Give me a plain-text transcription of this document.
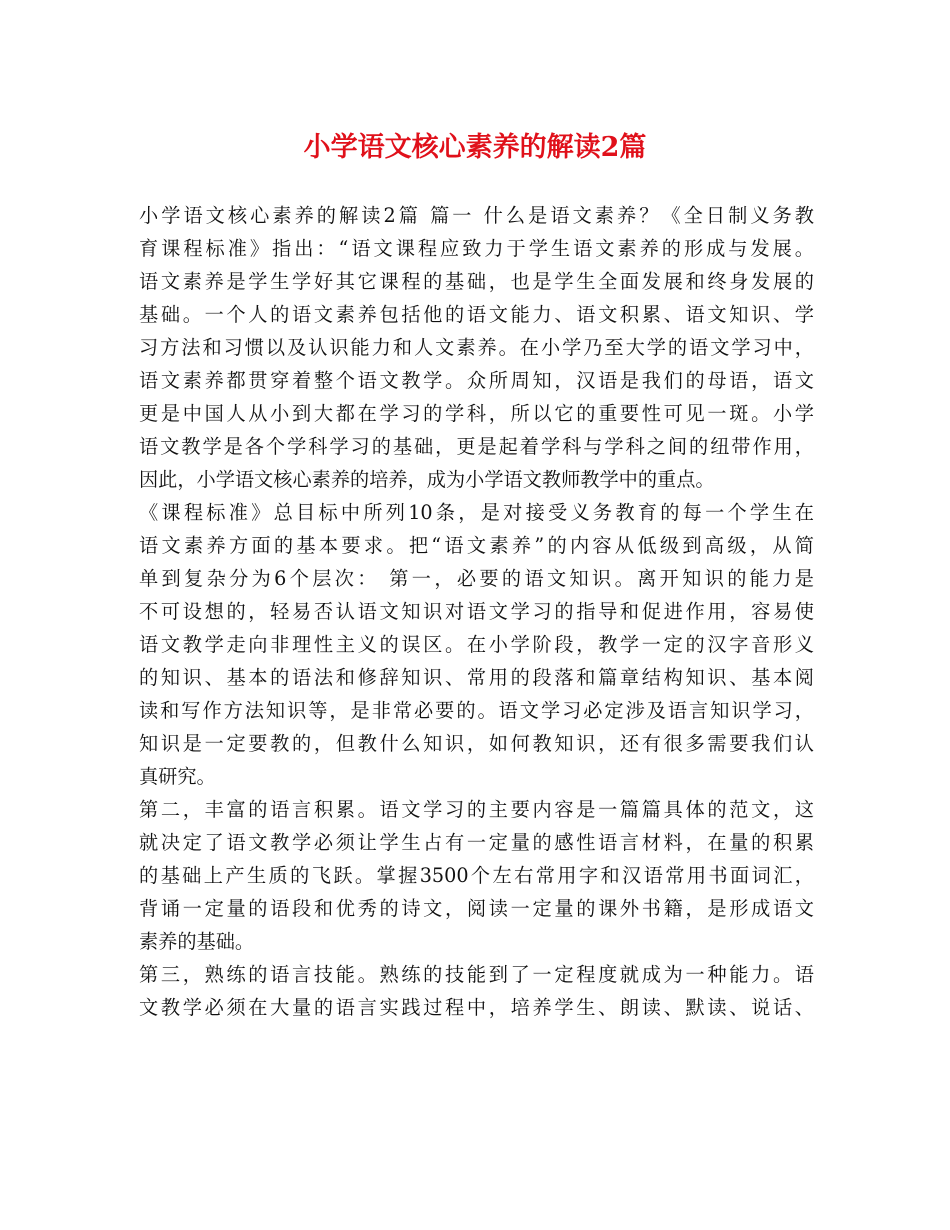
小学语文核心素养的解读2篇
小学语文核心素养的解读2篇 篇一 什么是语文素养？《全日制义务教
育课程标准》指出：“语文课程应致力于学生语文素养的形成与发展。
语文素养是学生学好其它课程的基础，也是学生全面发展和终身发展的
基础。一个人的语文素养包括他的语文能力、语文积累、语文知识、学
习方法和习惯以及认识能力和人文素养。在小学乃至大学的语文学习中，
语文素养都贯穿着整个语文教学。众所周知，汉语是我们的母语，语文
更是中国人从小到大都在学习的学科，所以它的重要性可见一斑。小学
语文教学是各个学科学习的基础，更是起着学科与学科之间的纽带作用，
因此，小学语文核心素养的培养，成为小学语文教师教学中的重点。
《课程标准》总目标中所列10条，是对接受义务教育的每一个学生在
语文素养方面的基本要求。把“语文素养”的内容从低级到高级，从简
单到复杂分为6个层次： 第一，必要的语文知识。离开知识的能力是
不可设想的，轻易否认语文知识对语文学习的指导和促进作用，容易使
语文教学走向非理性主义的误区。在小学阶段，教学一定的汉字音形义
的知识、基本的语法和修辞知识、常用的段落和篇章结构知识、基本阅
读和写作方法知识等，是非常必要的。语文学习必定涉及语言知识学习，
知识是一定要教的，但教什么知识，如何教知识，还有很多需要我们认
真研究。
第二，丰富的语言积累。语文学习的主要内容是一篇篇具体的范文，这
就决定了语文教学必须让学生占有一定量的感性语言材料，在量的积累
的基础上产生质的飞跃。掌握3500个左右常用字和汉语常用书面词汇，
背诵一定量的语段和优秀的诗文，阅读一定量的课外书籍，是形成语文
素养的基础。
第三，熟练的语言技能。熟练的技能到了一定程度就成为一种能力。语
文教学必须在大量的语言实践过程中，培养学生、朗读、默读、说话、
